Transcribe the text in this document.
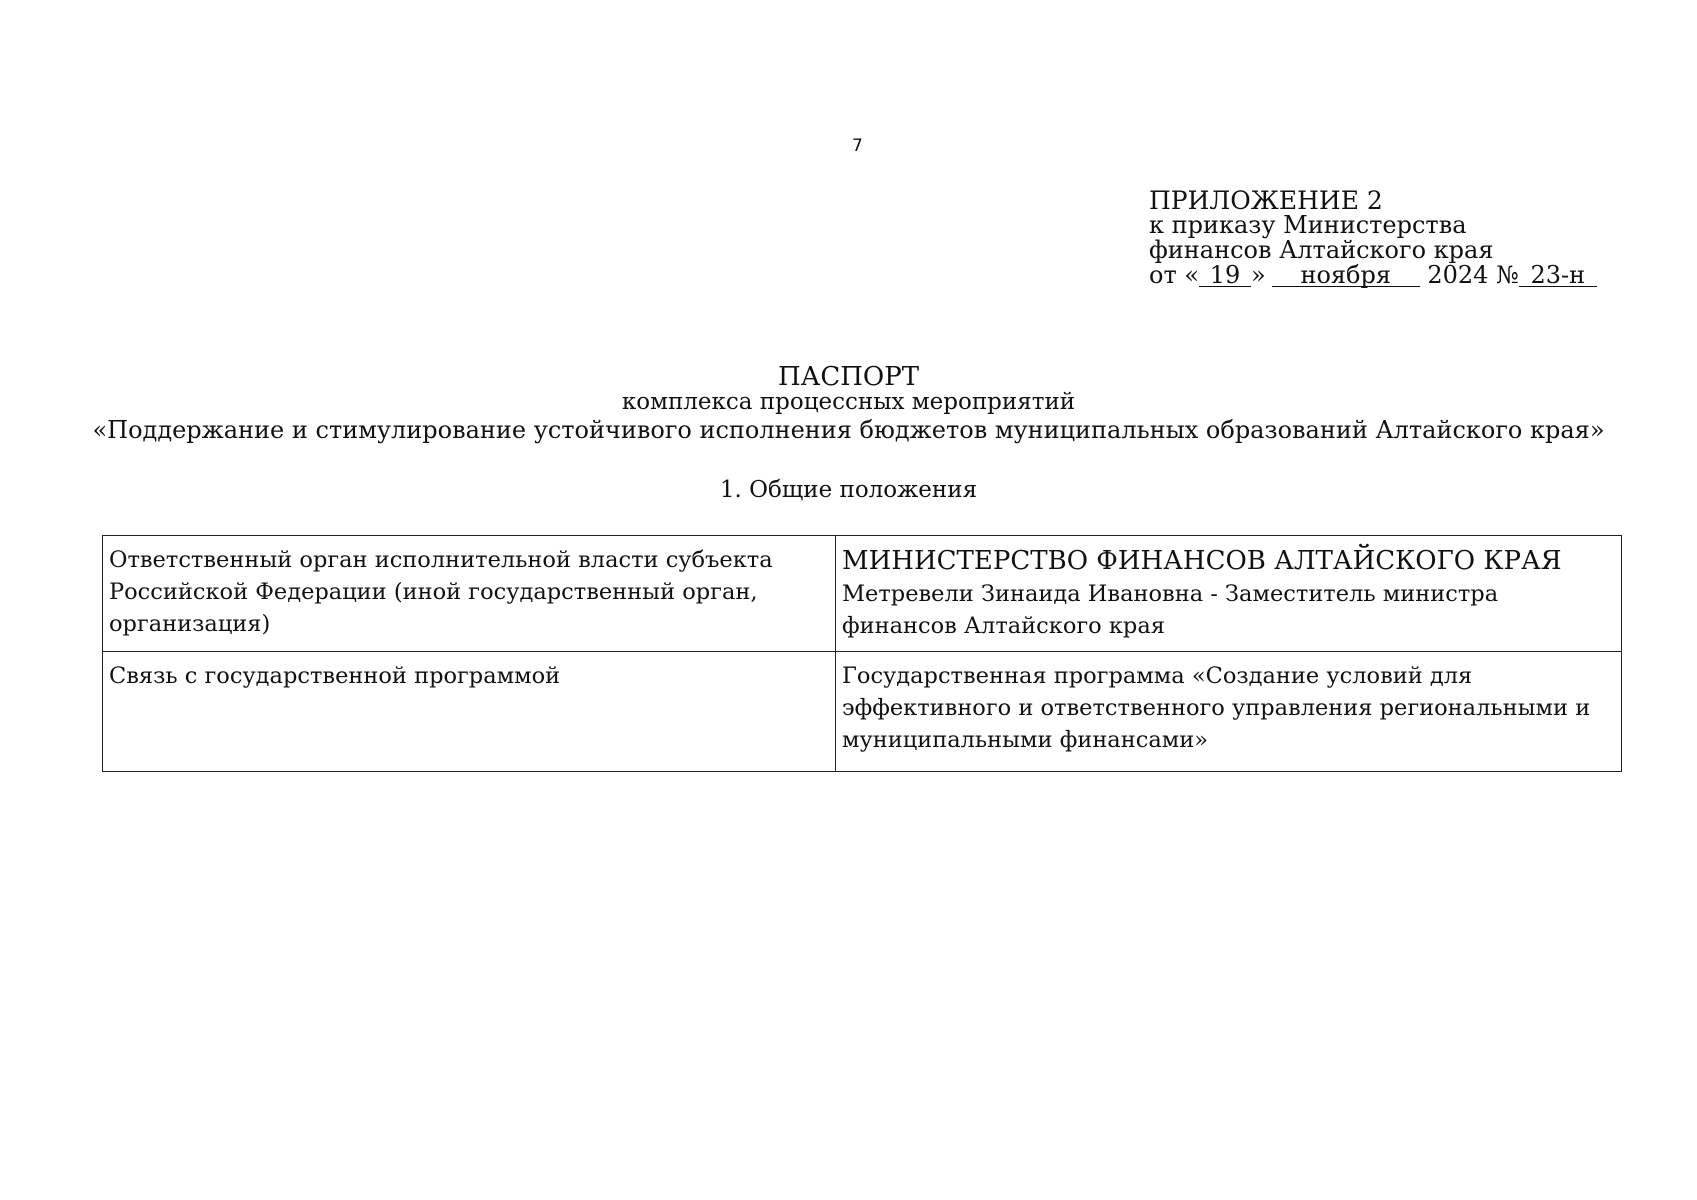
7
ПРИЛОЖЕНИЕ 2
к приказу Министерства
финансов Алтайского края
от « 19 » ноября 2024 № 23-н
ПАСПОРТ
комплекса процессных мероприятий
«Поддержание и стимулирование устойчивого исполнения бюджетов муниципальных образований Алтайского края»
1. Общие положения
Ответственный орган исполнительной власти субъекта Российской Федерации (иной государственный орган, организация)	МИНИСТЕРСТВО ФИНАНСОВ АЛТАЙСКОГО КРАЯ
Метревели Зинаида Ивановна - Заместитель министра финансов Алтайского края
Связь с государственной программой	Государственная программа «Создание условий для эффективного и ответственного управления региональными и муниципальными финансами»
